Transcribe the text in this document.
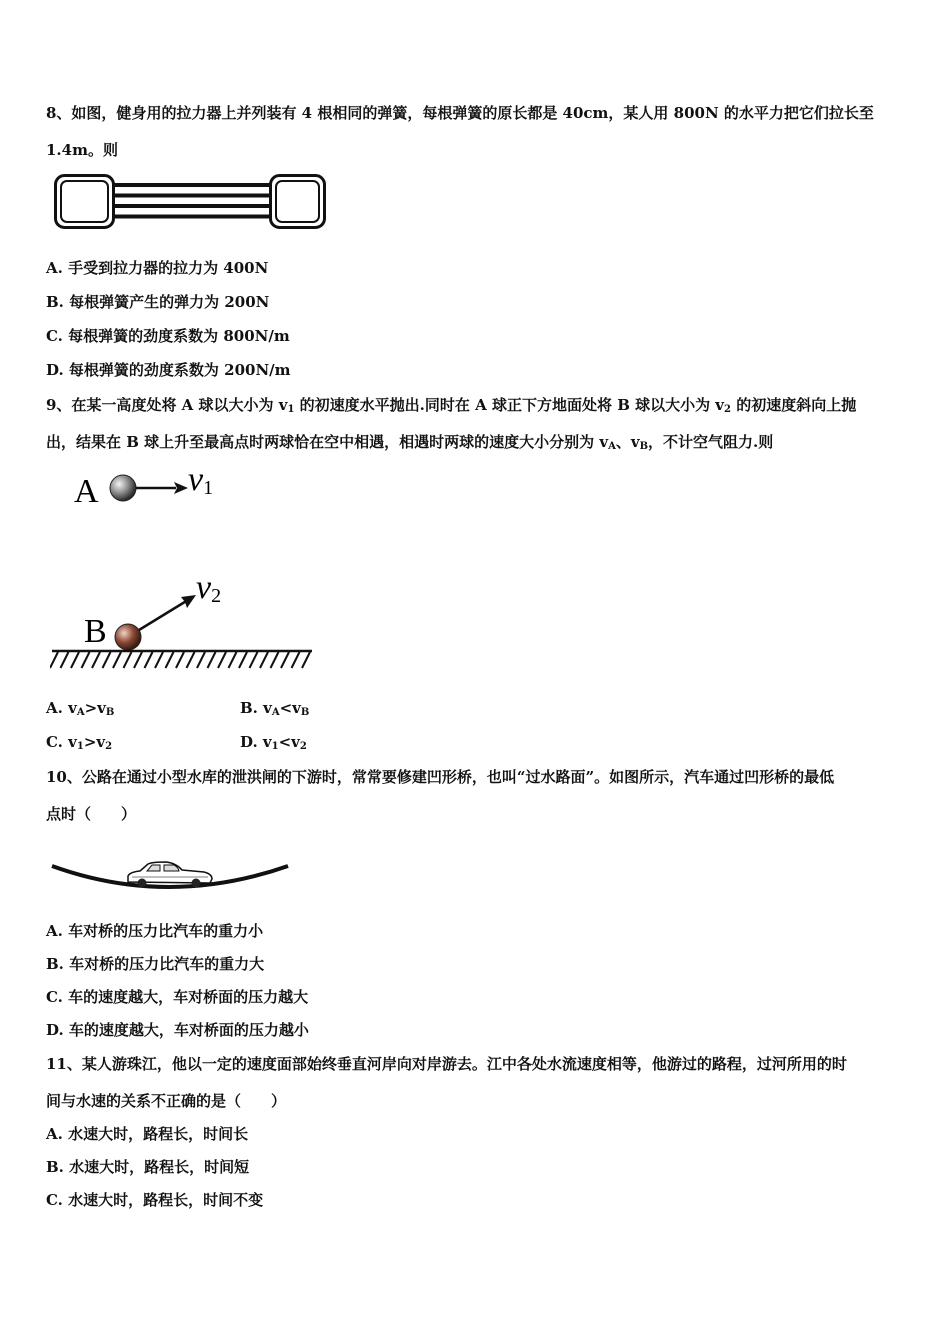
8、如图，健身用的拉力器上并列装有 4 根相同的弹簧，每根弹簧的原长都是 40cm，某人用 800N 的水平力把它们拉长至
1.4m。则
A. 手受到拉力器的拉力为 400N
B. 每根弹簧产生的弹力为 200N
C. 每根弹簧的劲度系数为 800N/m
D. 每根弹簧的劲度系数为 200N/m
9、在某一高度处将 A 球以大小为 $v_1$ 的初速度水平抛出.同时在 A 球正下方地面处将 B 球以大小为 $v_2$ 的初速度斜向上抛
出，结果在 B 球上升至最高点时两球恰在空中相遇，相遇时两球的速度大小分别为 $v_A$、$v_B$，不计空气阻力.则
A	v1
B
v2
A. $v_A>v_B$	B. $v_A<v_B$
C. $v_1>v_2$	D. $v_1<v_2$
10、公路在通过小型水库的泄洪闸的下游时，常常要修建凹形桥，也叫“过水路面”。如图所示，汽车通过凹形桥的最低
点时（　　）
A. 车对桥的压力比汽车的重力小
B. 车对桥的压力比汽车的重力大
C. 车的速度越大，车对桥面的压力越大
D. 车的速度越大，车对桥面的压力越小
11、某人游珠江，他以一定的速度面部始终垂直河岸向对岸游去。江中各处水流速度相等，他游过的路程，过河所用的时
间与水速的关系不正确的是（　　）
A. 水速大时，路程长，时间长
B. 水速大时，路程长，时间短
C. 水速大时，路程长，时间不变
